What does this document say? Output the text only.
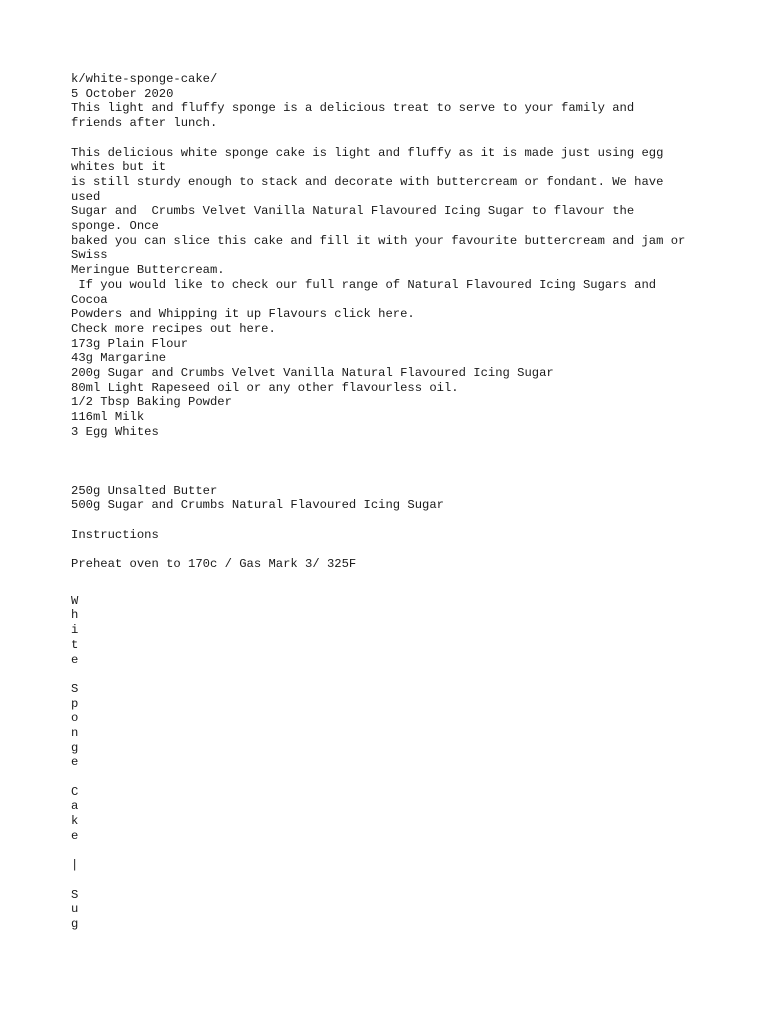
k/white-sponge-cake/
5 October 2020
This light and fluffy sponge is a delicious treat to serve to your family and
friends after lunch.
This delicious white sponge cake is light and fluffy as it is made just using egg
whites but it
is still sturdy enough to stack and decorate with buttercream or fondant. We have
used
Sugar and  Crumbs Velvet Vanilla Natural Flavoured Icing Sugar to flavour the
sponge. Once
baked you can slice this cake and fill it with your favourite buttercream and jam or
Swiss
Meringue Buttercream.
If you would like to check our full range of Natural Flavoured Icing Sugars and
Cocoa
Powders and Whipping it up Flavours click here.
Check more recipes out here.
173g Plain Flour
43g Margarine
200g Sugar and Crumbs Velvet Vanilla Natural Flavoured Icing Sugar
80ml Light Rapeseed oil or any other flavourless oil.
1/2 Tbsp Baking Powder
116ml Milk
3 Egg Whites
250g Unsalted Butter
500g Sugar and Crumbs Natural Flavoured Icing Sugar
Instructions
Preheat oven to 170c / Gas Mark 3/ 325F
W
h
i
t
e
S
p
o
n
g
e
C
a
k
e
|
S
u
g
